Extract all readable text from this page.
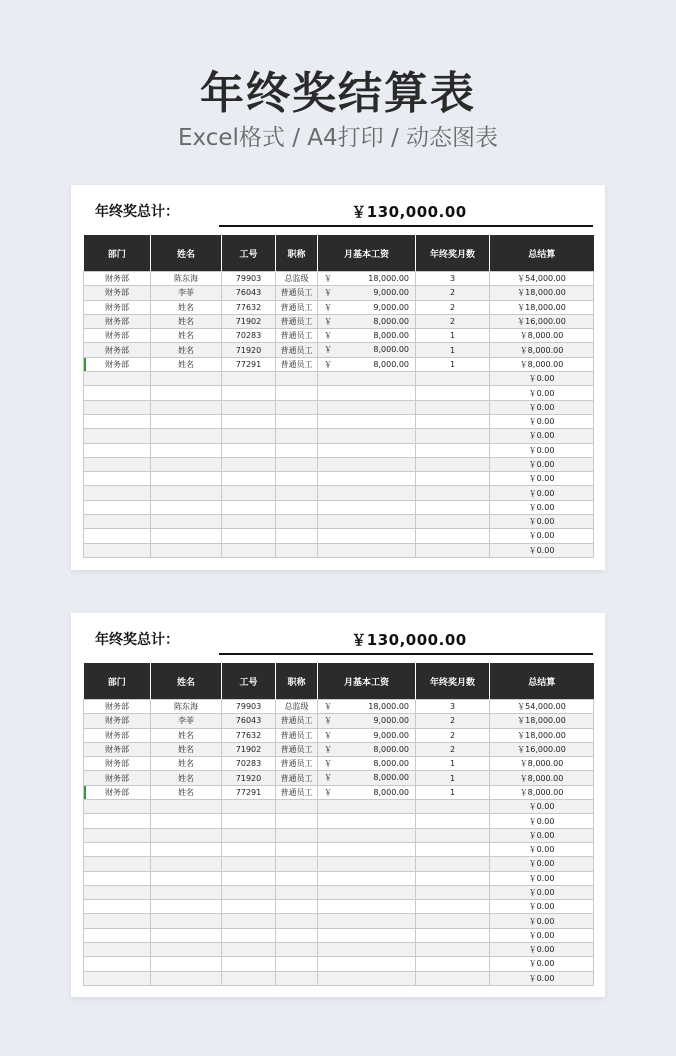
年终奖结算表
Excel格式 / A4打印 / 动态图表
年终奖总计：	￥130,000.00
部门	姓名	工号	职称	月基本工资	年终奖月数	总结算
财务部	陈东海	79903	总监级	￥ 18,000.00	3	￥54,000.00
财务部	李菲	76043	普通员工	￥ 9,000.00	2	￥18,000.00
财务部	姓名	77632	普通员工	￥ 9,000.00	2	￥18,000.00
财务部	姓名	71902	普通员工	￥ 8,000.00	2	￥16,000.00
财务部	姓名	70283	普通员工	￥ 8,000.00	1	￥8,000.00
财务部	姓名	71920	普通员工	￥ 8,000.00	1	￥8,000.00
财务部	姓名	77291	普通员工	￥ 8,000.00	1	￥8,000.00
						￥0.00
						￥0.00
						￥0.00
						￥0.00
						￥0.00
						￥0.00
						￥0.00
						￥0.00
						￥0.00
						￥0.00
						￥0.00
						￥0.00
						￥0.00
年终奖总计：	￥130,000.00
部门	姓名	工号	职称	月基本工资	年终奖月数	总结算
财务部	陈东海	79903	总监级	￥ 18,000.00	3	￥54,000.00
财务部	李菲	76043	普通员工	￥ 9,000.00	2	￥18,000.00
财务部	姓名	77632	普通员工	￥ 9,000.00	2	￥18,000.00
财务部	姓名	71902	普通员工	￥ 8,000.00	2	￥16,000.00
财务部	姓名	70283	普通员工	￥ 8,000.00	1	￥8,000.00
财务部	姓名	71920	普通员工	￥ 8,000.00	1	￥8,000.00
财务部	姓名	77291	普通员工	￥ 8,000.00	1	￥8,000.00
						￥0.00
						￥0.00
						￥0.00
						￥0.00
						￥0.00
						￥0.00
						￥0.00
						￥0.00
						￥0.00
						￥0.00
						￥0.00
						￥0.00
						￥0.00
